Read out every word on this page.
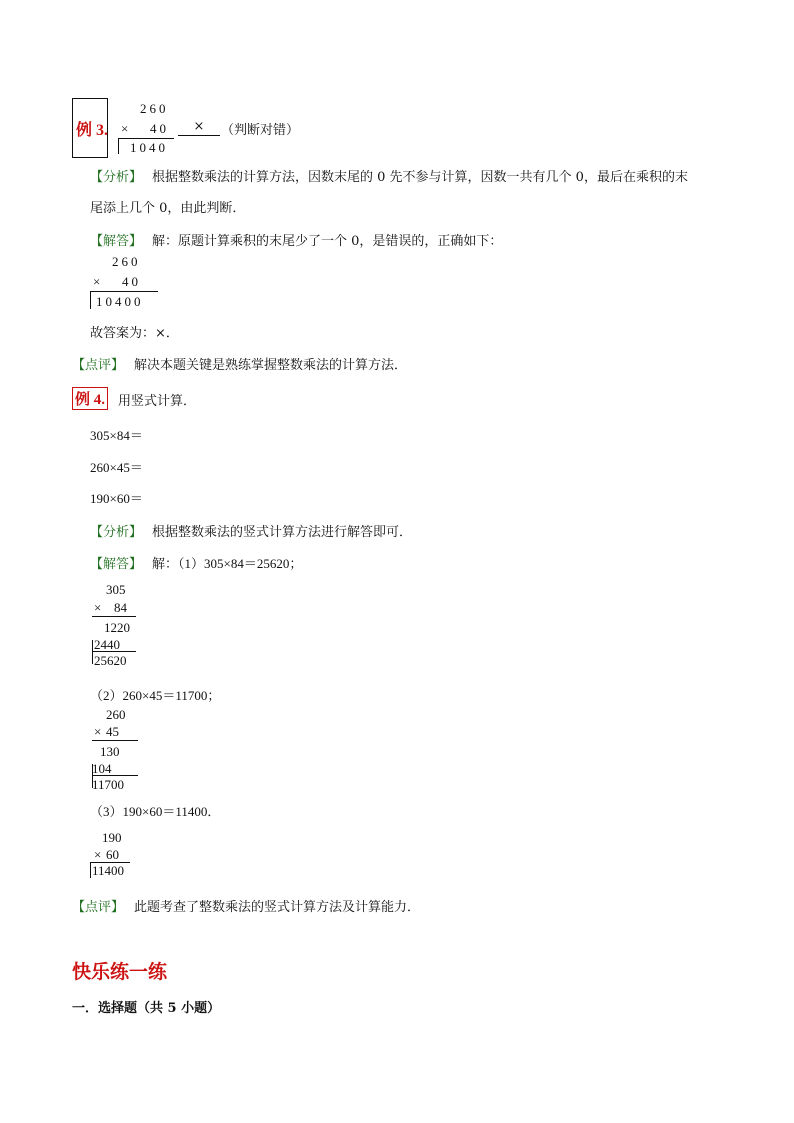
例 3.
260
× 40
1040
×	（判断对错）
【分析】 根据整数乘法的计算方法，因数末尾的 0 先不参与计算，因数一共有几个 0，最后在乘积的末
尾添上几个 0，由此判断．
【解答】 解：原题计算乘积的末尾少了一个 0，是错误的，正确如下：
260
× 40
10400
故答案为：×．
【点评】 解决本题关键是熟练掌握整数乘法的计算方法．
例 4. 用竖式计算．
305×84＝
260×45＝
190×60＝
【分析】 根据整数乘法的竖式计算方法进行解答即可．
【解答】 解：（1）305×84＝25620；
305
× 84
1220
2440
25620
（2）260×45＝11700；
260
× 45
130
104
11700
（3）190×60＝11400．
190
× 60
11400
【点评】 此题考查了整数乘法的竖式计算方法及计算能力．
快乐练一练
一．选择题（共 5 小题）
